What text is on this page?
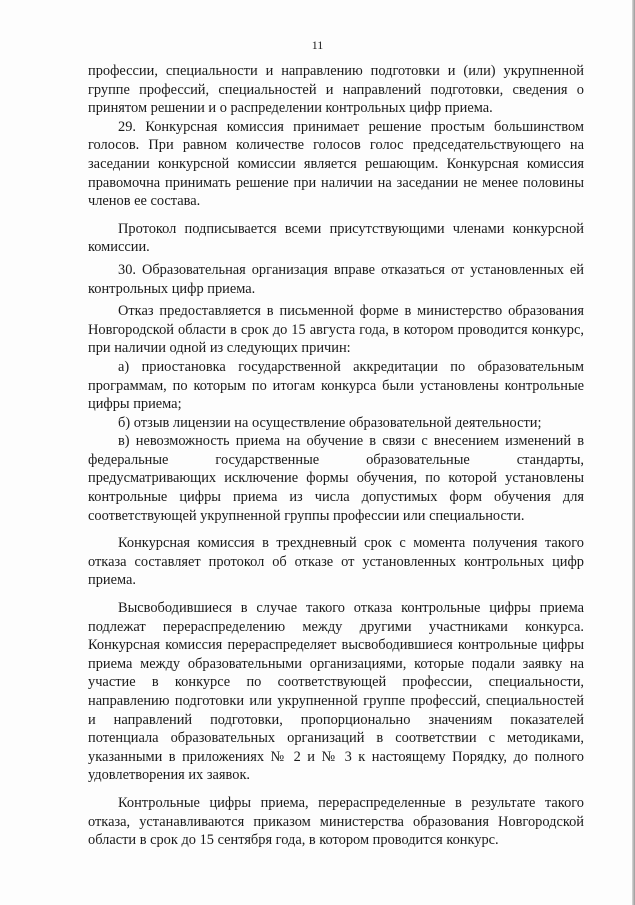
11

профессии, специальности и направлению подготовки и (или) укрупненной группе профессий, специальностей и направлений подготовки, сведения о принятом решении и о распределении контрольных цифр приема.

29. Конкурсная комиссия принимает решение простым большинством голосов. При равном количестве голосов голос председательствующего на заседании конкурсной комиссии является решающим. Конкурсная комиссия правомочна принимать решение при наличии на заседании не менее половины членов ее состава.

Протокол подписывается всеми присутствующими членами конкурсной комиссии.

30. Образовательная организация вправе отказаться от установленных ей контрольных цифр приема.

Отказ предоставляется в письменной форме в министерство образования Новгородской области в срок до 15 августа года, в котором проводится конкурс, при наличии одной из следующих причин:

а) приостановка государственной аккредитации по образовательным программам, по которым по итогам конкурса были установлены контрольные цифры приема;

б) отзыв лицензии на осуществление образовательной деятельности;

в) невозможность приема на обучение в связи с внесением изменений в федеральные государственные образовательные стандарты, предусматривающих исключение формы обучения, по которой установлены контрольные цифры приема из числа допустимых форм обучения для соответствующей укрупненной группы профессии или специальности.

Конкурсная комиссия в трехдневный срок с момента получения такого отказа составляет протокол об отказе от установленных контрольных цифр приема.

Высвободившиеся в случае такого отказа контрольные цифры приема подлежат перераспределению между другими участниками конкурса. Конкурсная комиссия перераспределяет высвободившиеся контрольные цифры приема между образовательными организациями, которые подали заявку на участие в конкурсе по соответствующей профессии, специальности, направлению подготовки или укрупненной группе профессий, специальностей и направлений подготовки, пропорционально значениям показателей потенциала образовательных организаций в соответствии с методиками, указанными в приложениях № 2 и № 3 к настоящему Порядку, до полного удовлетворения их заявок.

Контрольные цифры приема, перераспределенные в результате такого отказа, устанавливаются приказом министерства образования Новгородской области в срок до 15 сентября года, в котором проводится конкурс.
